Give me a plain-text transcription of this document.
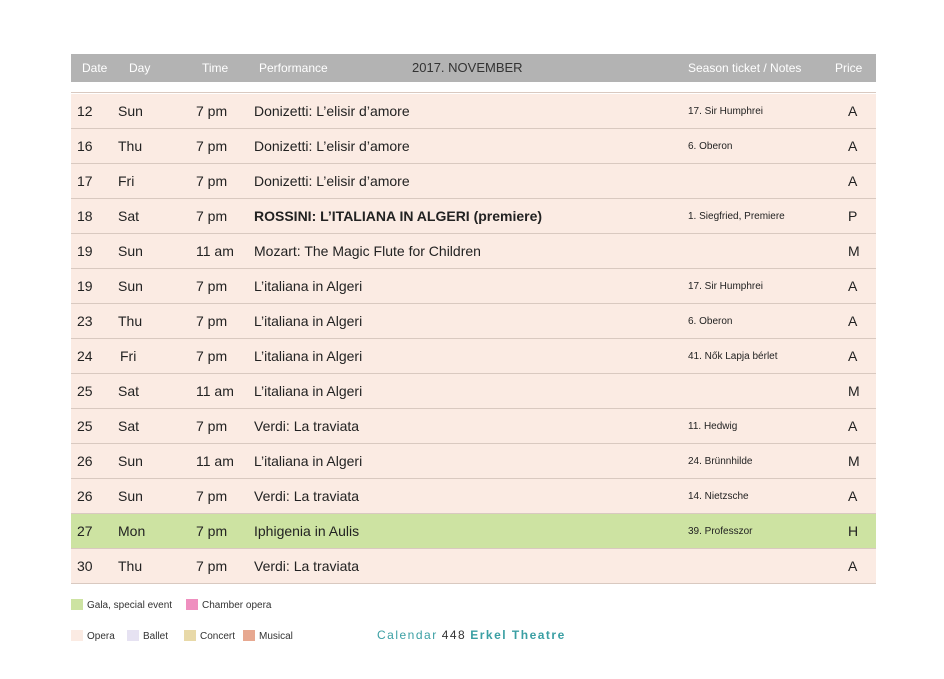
Date Day	Time	Performance	2017. NOVEMBER	Season ticket / Notes	Price
12 Sun	7 pm Donizetti: L’elisir d’amore	17. Sir Humphrei	A
16 Thu	7 pm Donizetti: L’elisir d’amore	6. Oberon	A
17 Fri	7 pm Donizetti: L’elisir d’amore	A
18 Sat	7 pm ROSSINI: L’ITALIANA IN ALGERI (premiere)	1. Siegfried, Premiere	P
19 Sun	11 am Mozart: The Magic Flute for Children	M
19 Sun	7 pm L’italiana in Algeri	17. Sir Humphrei	A
23 Thu	7 pm L’italiana in Algeri	6. Oberon	A
24 Fri	7 pm L’italiana in Algeri	41. Nők Lapja bérlet	A
25 Sat	11 am L’italiana in Algeri	M
25 Sat	7 pm Verdi: La traviata	11. Hedwig	A
26 Sun	11 am L’italiana in Algeri	24. Brünnhilde	M
26 Sun	7 pm Verdi: La traviata	14. Nietzsche	A
27 Mon	7 pm Iphigenia in Aulis	39. Professzor	H
30 Thu	7 pm Verdi: La traviata	A
Gala, special event	Chamber opera
Opera	Ballet	Concert	Musical	Calendar 448 Erkel Theatre
